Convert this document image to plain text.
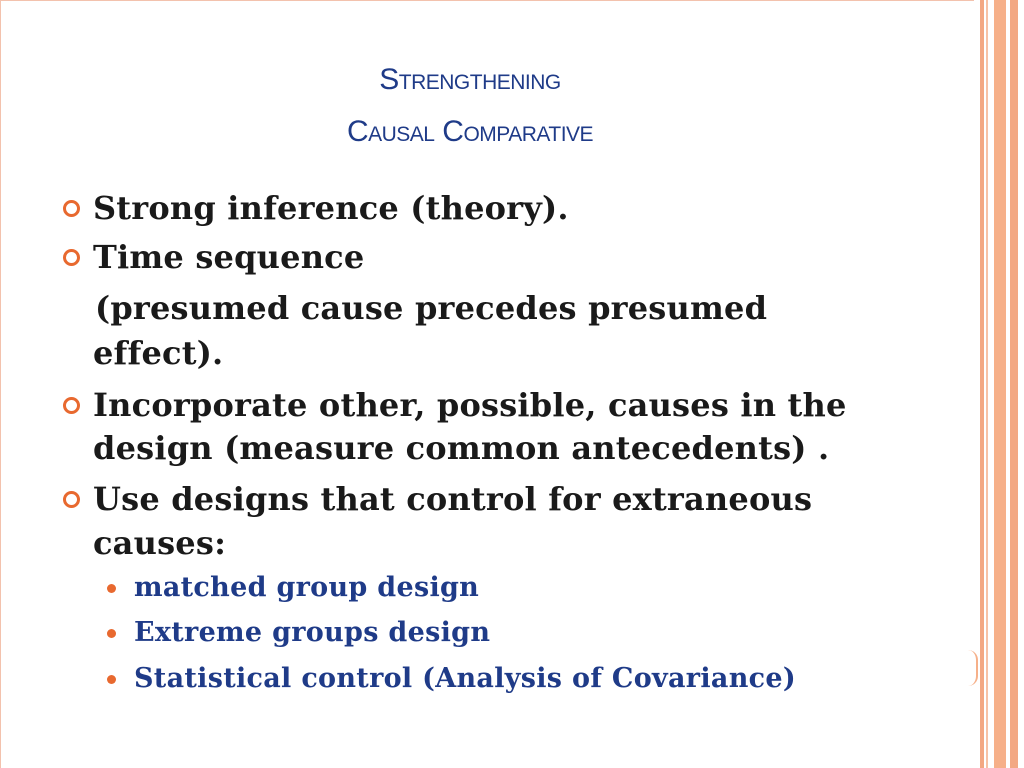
Strengthening
Causal Comparative
Strong inference (theory).
Time sequence
(presumed cause precedes presumed
effect).
Incorporate other, possible, causes in the
design (measure common antecedents) .
Use designs that control for extraneous
causes:
matched group design
Extreme groups design
Statistical control (Analysis of Covariance)
